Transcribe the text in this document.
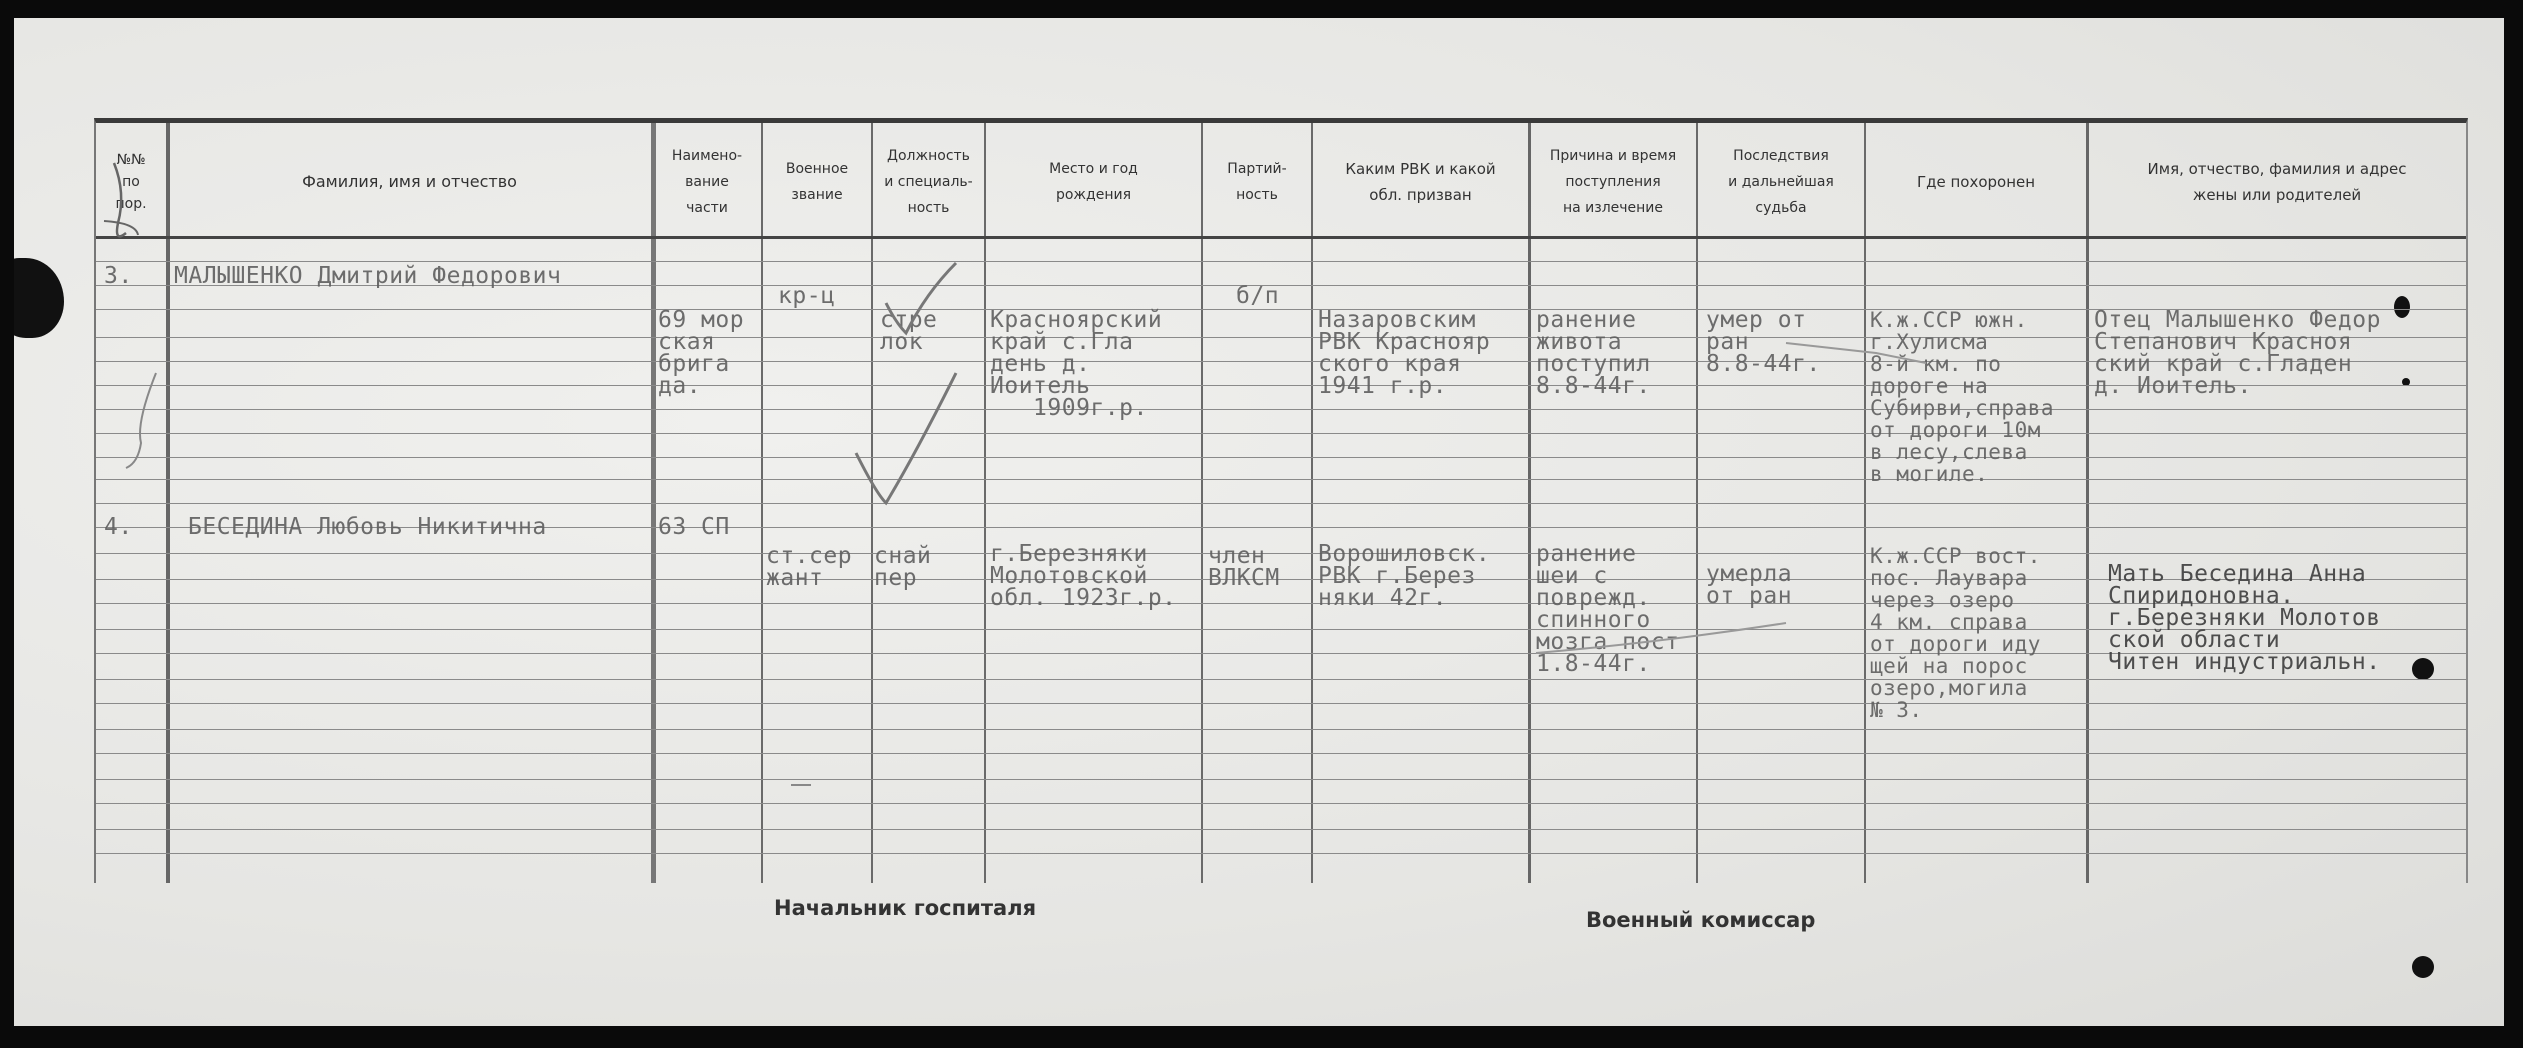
№№
по
пор.
Фамилия, имя и отчество
Наимено-
вание
части
Военное
звание
Должность
и специаль-
ность
Место и год
рождения
Партий-
ность
Каким РВК и какой
обл. призван
Причина и время
поступления
на излечение
Последствия
и дальнейшая
судьба
Где похоронен
Имя, отчество, фамилия и адрес
жены или родителей
3. МАЛЫШЕНКО Дмитрий Федорович

69 мор
ская
брига
да.

кр-ц

стре
лок

Красноярский
край с.Гла
день д.
Иоитель
1909г.р.

б/п

Назаровским
РВК Краснояр
ского края
1941 г.р.

ранение
живота
поступил
8.8-44г.

умер от
ран
8.8-44г.

К.ж.ССР южн.
г.Хулисма
8-й км. по
дороге на
Субирви,справа
от дороги 10м
в лесу,слева
в могиле.

Отец Малышенко Федор
Степанович Красноя
ский край с.Гладен
д. Иоитель.

4. БЕСЕДИНА Любовь Никитична	63 СП

ст.сер
жант

снай
пер

г.Березняки
Молотовской
обл. 1923г.р.

член
ВЛКСМ

Ворошиловск.
РВК г.Берез
няки 42г.

ранение
шеи с
поврежд.
спинного
мозга пост
1.8-44г.

умерла
от ран

К.ж.ССР вост.
пос. Лаувара
через озеро
4 км. справа
от дороги иду
щей на порос
озеро,могила
№ 3.

Мать Беседина Анна
Спиридоновна.
г.Березняки Молотов
ской области
Читен индустриальн.

Начальник госпиталя	Военный комиссар
